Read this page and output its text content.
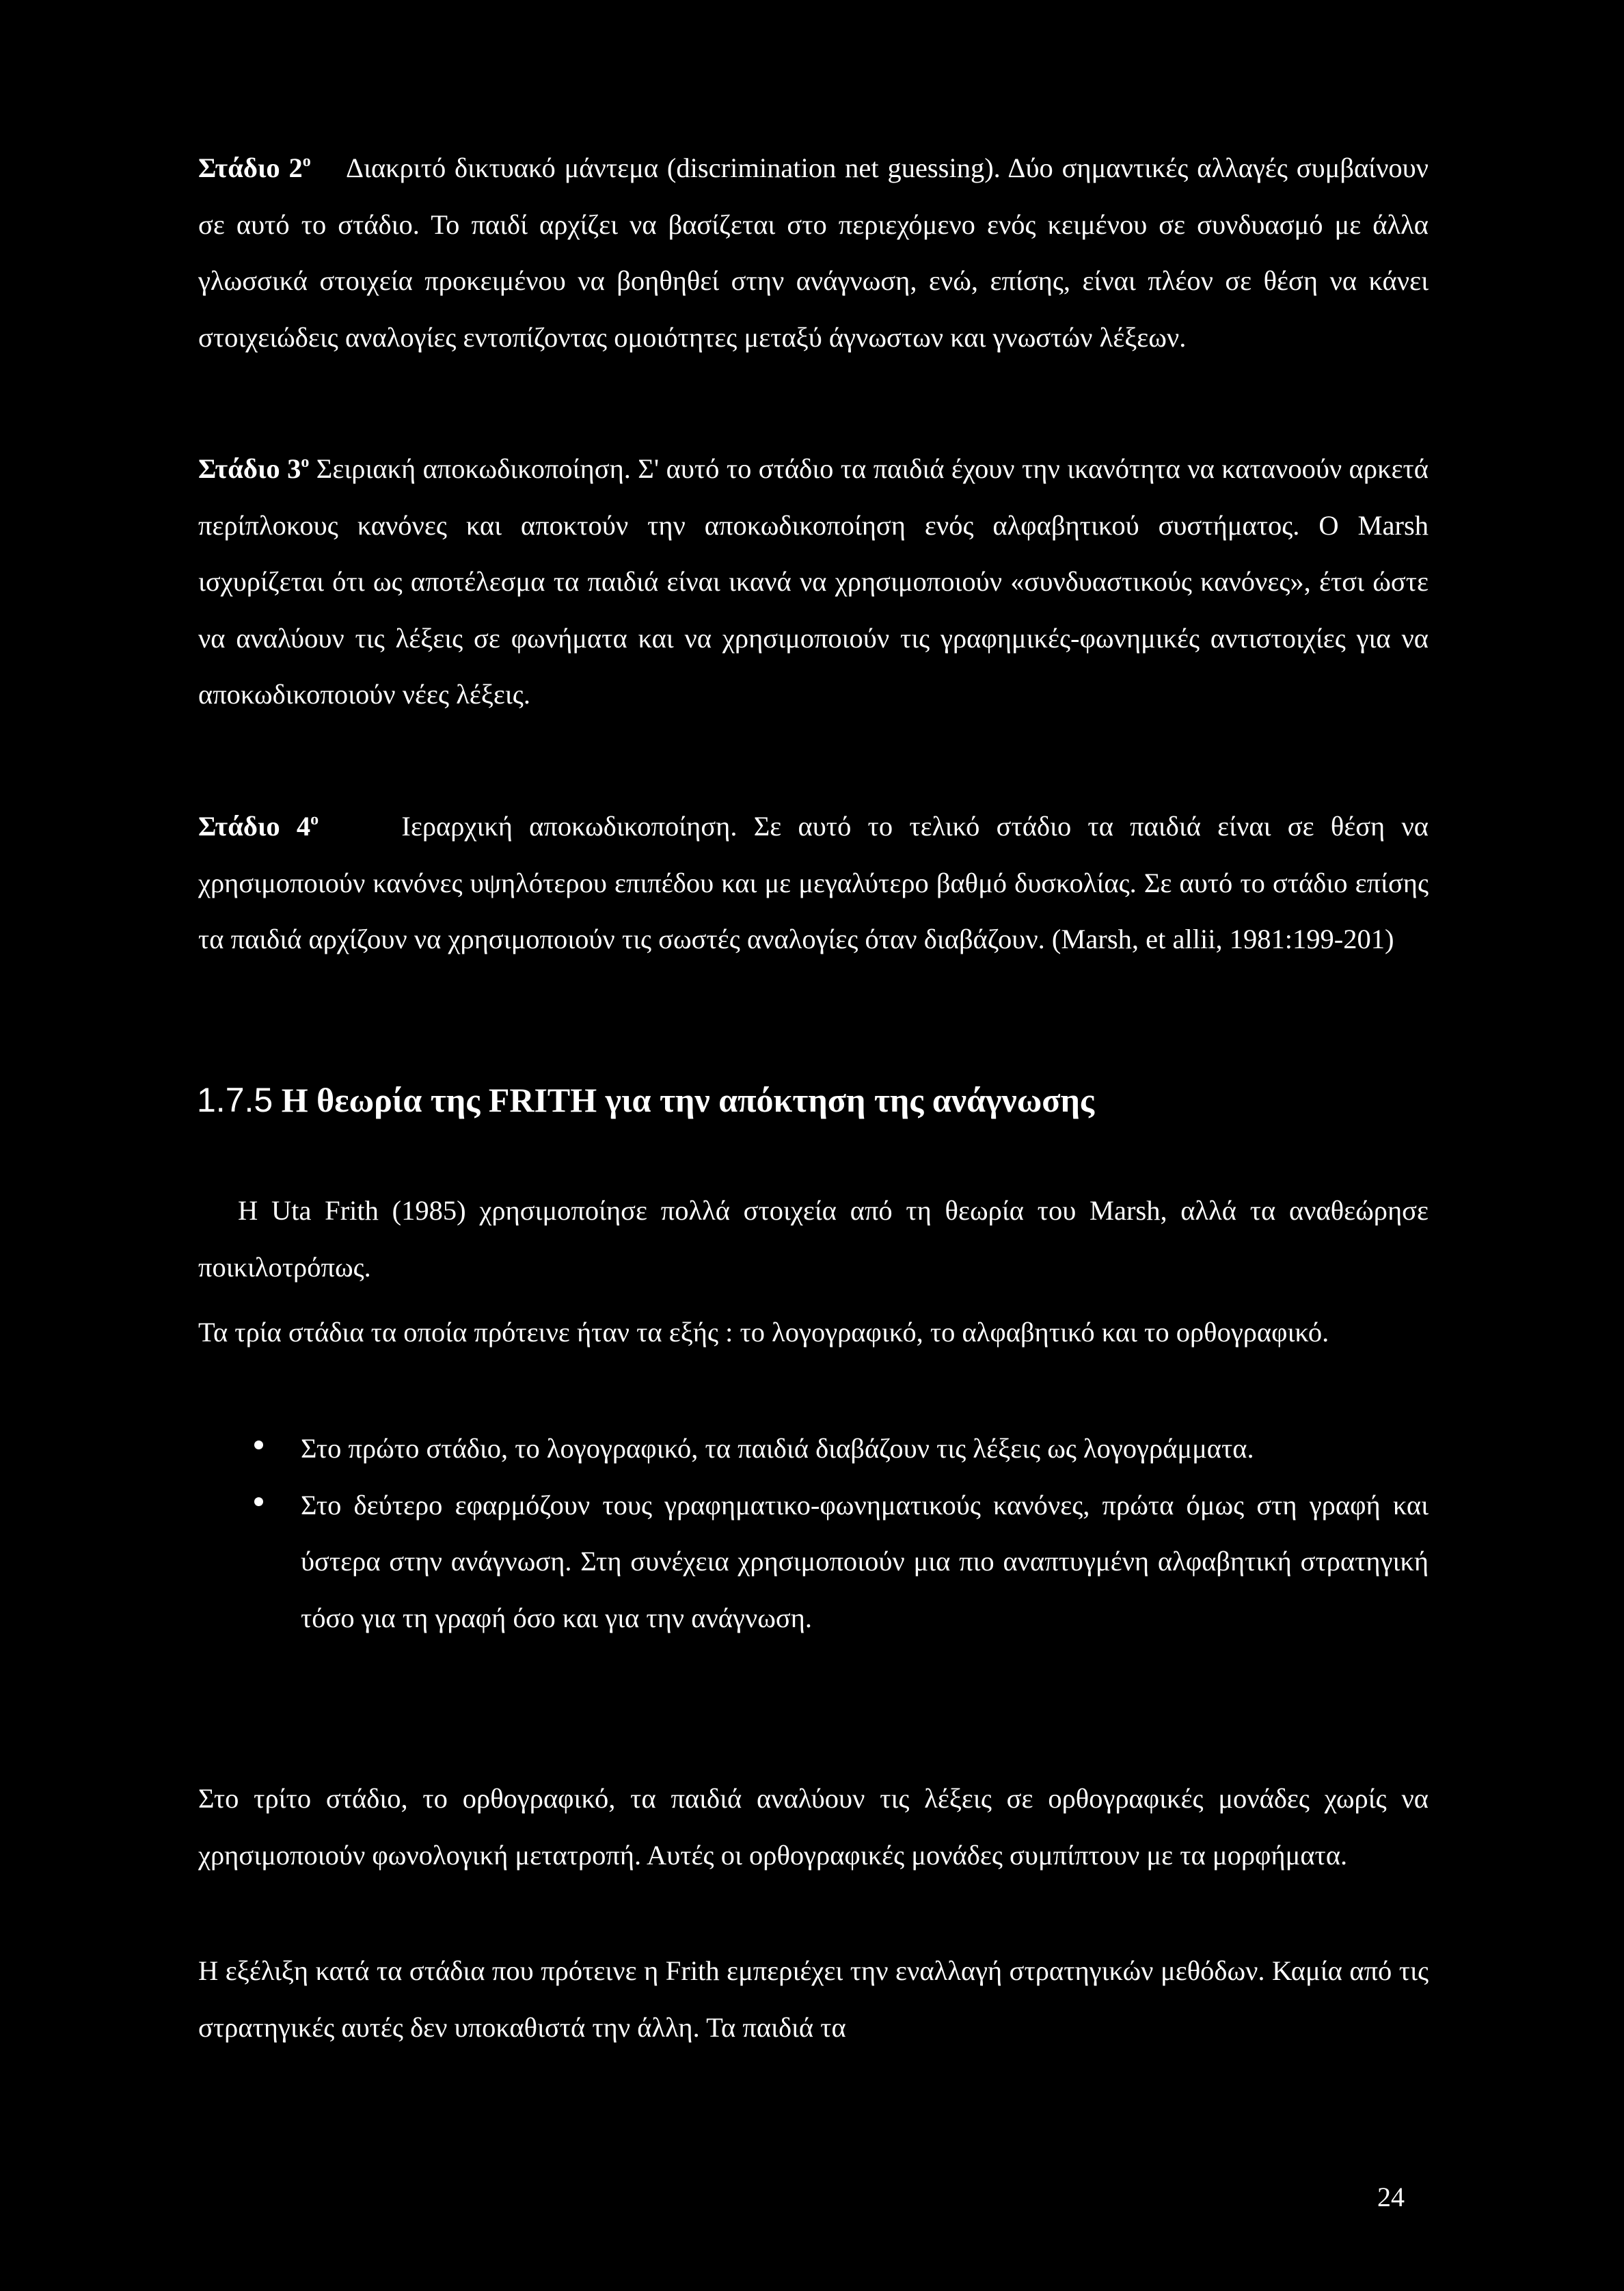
Στάδιο $2^o$ Διακριτό δικτυακό μάντεμα (discrimination net guessing). Δύο σημαντικές αλλαγές συμβαίνουν σε αυτό το στάδιο. Το παιδί αρχίζει να βασίζεται στο περιεχόμενο ενός κειμένου σε συνδυασμό με άλλα γλωσσικά στοιχεία προκειμένου να βοηθηθεί στην ανάγνωση, ενώ, επίσης, είναι πλέον σε θέση να κάνει στοιχειώδεις αναλογίες εντοπίζοντας ομοιότητες μεταξύ άγνωστων και γνωστών λέξεων.

Στάδιο $3^o$ Σειριακή αποκωδικοποίηση. Σ' αυτό το στάδιο τα παιδιά έχουν την ικανότητα να κατανοούν αρκετά περίπλοκους κανόνες και αποκτούν την αποκωδικοποίηση ενός αλφαβητικού συστήματος. Ο Marsh ισχυρίζεται ότι ως αποτέλεσμα τα παιδιά είναι ικανά να χρησιμοποιούν «συνδυαστικούς κανόνες», έτσι ώστε να αναλύουν τις λέξεις σε φωνήματα και να χρησιμοποιούν τις γραφημικές-φωνημικές αντιστοιχίες για να αποκωδικοποιούν νέες λέξεις.

Στάδιο $4^o$	Ιεραρχική αποκωδικοποίηση. Σε αυτό το τελικό στάδιο τα παιδιά είναι σε θέση να χρησιμοποιούν κανόνες υψηλότερου επιπέδου και με μεγαλύτερο βαθμό δυσκολίας. Σε αυτό το στάδιο επίσης τα παιδιά αρχίζουν να χρησιμοποιούν τις σωστές αναλογίες όταν διαβάζουν. (Marsh, et allii, 1981:199-201)

1.7.5 Η θεωρία της FRITH για την απόκτηση της ανάγνωσης

Η Uta Frith (1985) χρησιμοποίησε πολλά στοιχεία από τη θεωρία του Marsh, αλλά τα αναθεώρησε ποικιλοτρόπως.

Τα τρία στάδια τα οποία πρότεινε ήταν τα εξής : το λογογραφικό, το αλφαβητικό και το ορθογραφικό.

Στο πρώτο στάδιο, το λογογραφικό, τα παιδιά διαβάζουν τις λέξεις ως λογογράμματα.
Στο δεύτερο εφαρμόζουν τους γραφηματικο-φωνηματικούς κανόνες, πρώτα όμως στη γραφή και ύστερα στην ανάγνωση. Στη συνέχεια χρησιμοποιούν μια πιο αναπτυγμένη αλφαβητική στρατηγική τόσο για τη γραφή όσο και για την ανάγνωση.

Στο τρίτο στάδιο, το ορθογραφικό, τα παιδιά αναλύουν τις λέξεις σε ορθογραφικές μονάδες χωρίς να χρησιμοποιούν φωνολογική μετατροπή. Αυτές οι ορθογραφικές μονάδες συμπίπτουν με τα μορφήματα.

Η εξέλιξη κατά τα στάδια που πρότεινε η Frith εμπεριέχει την εναλλαγή στρατηγικών μεθόδων. Καμία από τις στρατηγικές αυτές δεν υποκαθιστά την άλλη. Τα παιδιά τα

24
